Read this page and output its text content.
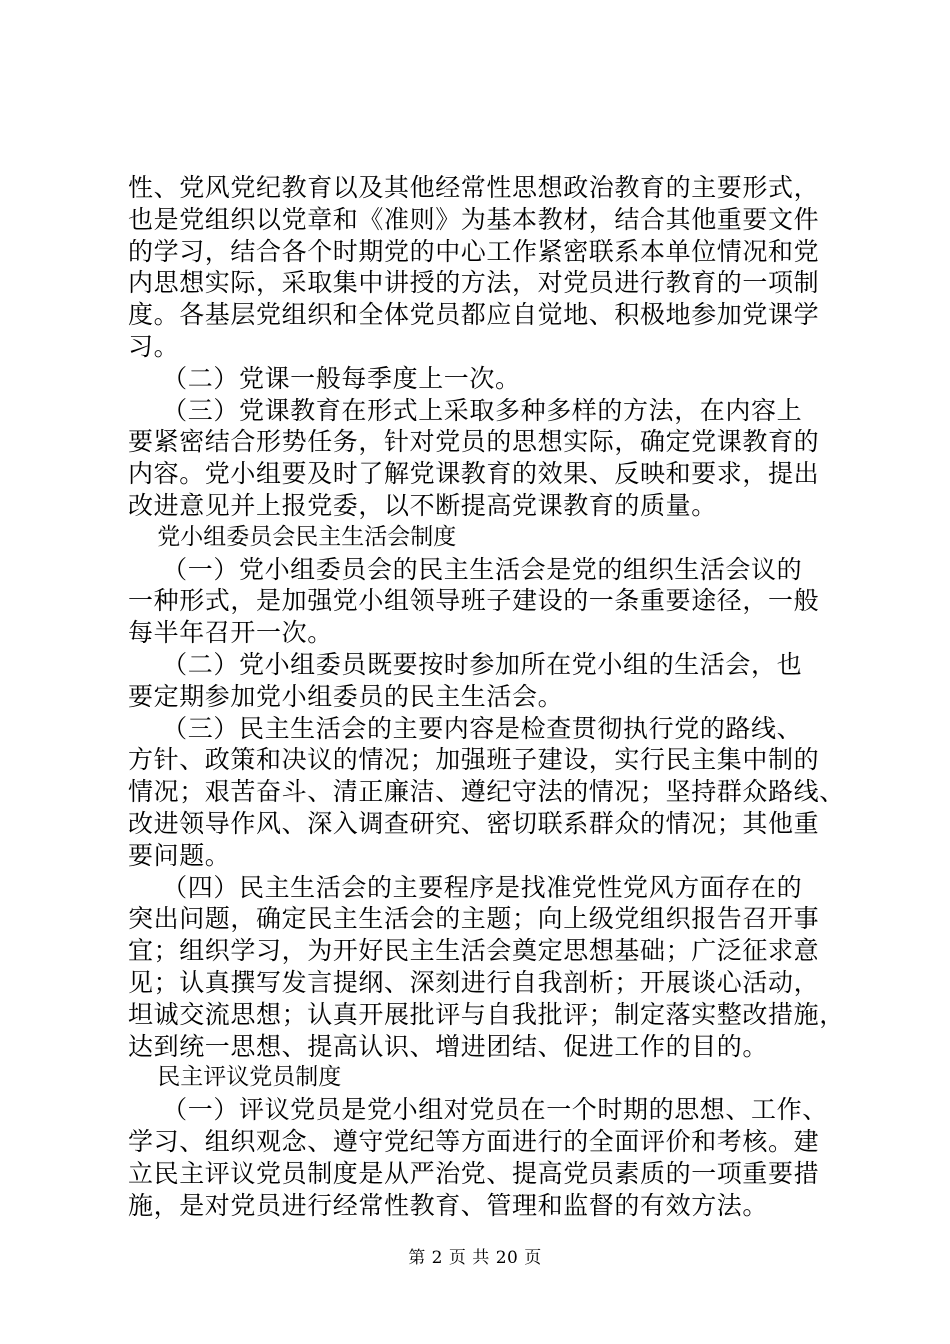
性、党风党纪教育以及其他经常性思想政治教育的主要形式，
也是党组织以党章和《准则》为基本教材，结合其他重要文件
的学习，结合各个时期党的中心工作紧密联系本单位情况和党
内思想实际，采取集中讲授的方法，对党员进行教育的一项制
度。各基层党组织和全体党员都应自觉地、积极地参加党课学
习。
（二）党课一般每季度上一次。
（三）党课教育在形式上采取多种多样的方法，在内容上
要紧密结合形势任务，针对党员的思想实际，确定党课教育的
内容。党小组要及时了解党课教育的效果、反映和要求，提出
改进意见并上报党委，以不断提高党课教育的质量。
党小组委员会民主生活会制度
（一）党小组委员会的民主生活会是党的组织生活会议的
一种形式，是加强党小组领导班子建设的一条重要途径，一般
每半年召开一次。
（二）党小组委员既要按时参加所在党小组的生活会，也
要定期参加党小组委员的民主生活会。
（三）民主生活会的主要内容是检查贯彻执行党的路线、
方针、政策和决议的情况；加强班子建设，实行民主集中制的
情况；艰苦奋斗、清正廉洁、遵纪守法的情况；坚持群众路线、
改进领导作风、深入调查研究、密切联系群众的情况；其他重
要问题。
（四）民主生活会的主要程序是找准党性党风方面存在的
突出问题，确定民主生活会的主题；向上级党组织报告召开事
宜；组织学习，为开好民主生活会奠定思想基础；广泛征求意
见；认真撰写发言提纲、深刻进行自我剖析；开展谈心活动，
坦诚交流思想；认真开展批评与自我批评；制定落实整改措施，
达到统一思想、提高认识、增进团结、促进工作的目的。
民主评议党员制度
（一）评议党员是党小组对党员在一个时期的思想、工作、
学习、组织观念、遵守党纪等方面进行的全面评价和考核。建
立民主评议党员制度是从严治党、提高党员素质的一项重要措
施，是对党员进行经常性教育、管理和监督的有效方法。
第 2 页 共 20 页
